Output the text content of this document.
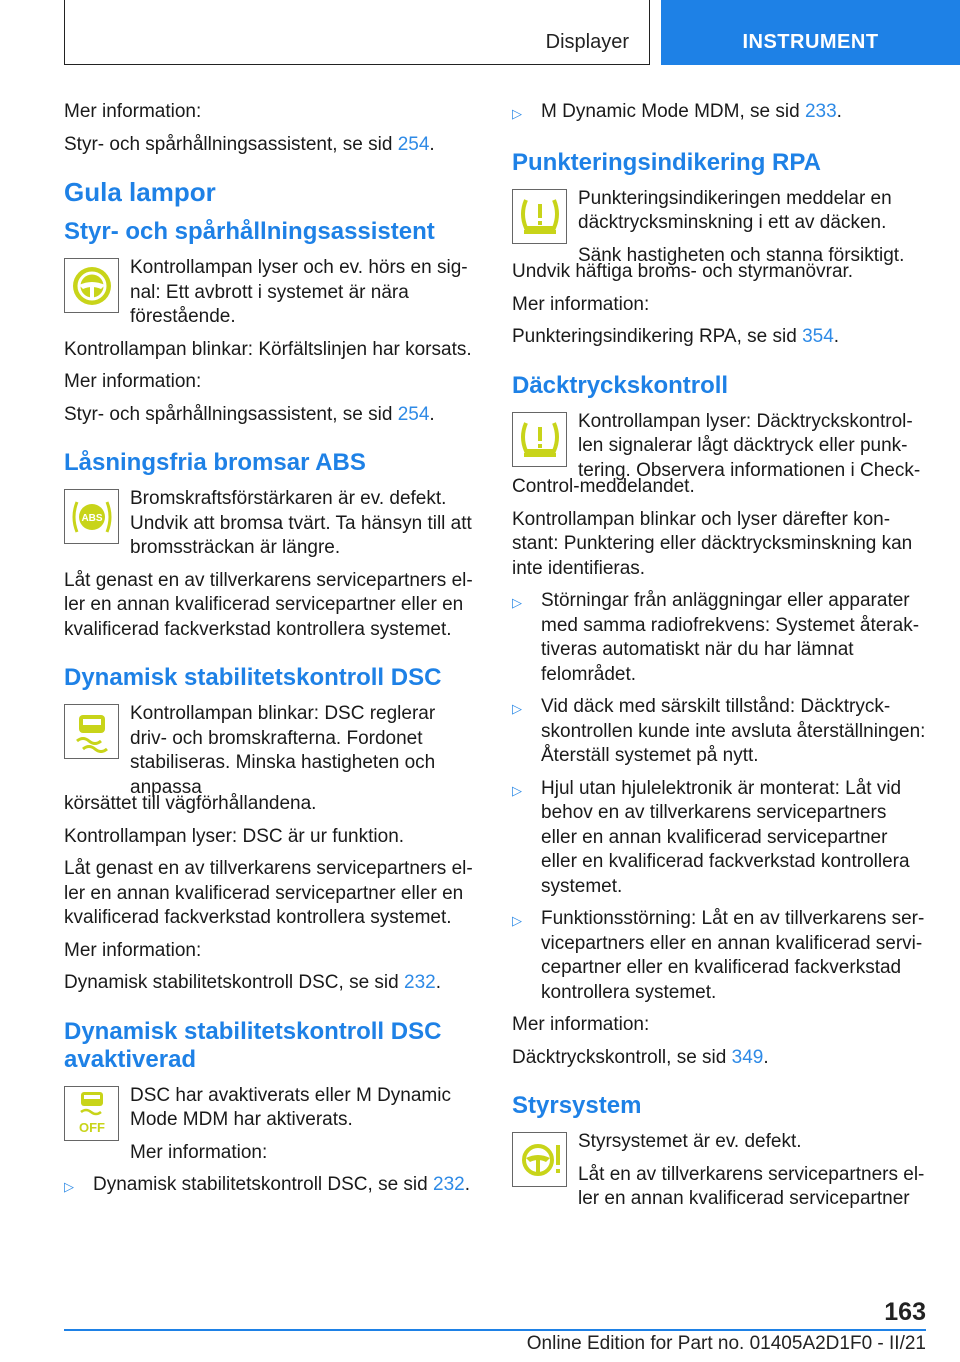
Displayer	INSTRUMENT

Mer information:

Styr- och spårhållningsassistent, se sid 254.

Gula lampor
Styr- och spårhållningsassistent

Kontrollampan lyser och ev. hörs en signal: Ett avbrott i systemet är nära förestående.

Kontrollampan blinkar: Körfältslinjen har korsats.

Mer information:

Styr- och spårhållningsassistent, se sid 254.

Låsningsfria bromsar ABS
ABS

Bromskraftsförstärkaren är ev. defekt. Undvik att bromsa tvärt. Ta hänsyn till att bromssträckan är längre.

Låt genast en av tillverkarens servicepartners eller en annan kvalificerad servicepartner eller en kvalificerad fackverkstad kontrollera systemet.

Dynamisk stabilitetskontroll DSC

Kontrollampan blinkar: DSC reglerar driv- och bromskrafterna. Fordonet stabiliseras. Minska hastigheten och anpassa

körsättet till vägförhållandena.

Kontrollampan lyser: DSC är ur funktion.

Låt genast en av tillverkarens servicepartners eller en annan kvalificerad servicepartner eller en kvalificerad fackverkstad kontrollera systemet.

Mer information:

Dynamisk stabilitetskontroll DSC, se sid 232.

Dynamisk stabilitetskontroll DSC avaktiverad
OFF

DSC har avaktiverats eller M Dynamic Mode MDM har aktiverats.

Mer information:

▷ Dynamisk stabilitetskontroll DSC, se sid 232.
▷ M Dynamic Mode MDM, se sid 233.
Punkteringsindikering RPA

Punkteringsindikeringen meddelar en däcktrycksminskning i ett av däcken.

Sänk hastigheten och stanna försiktigt.

Undvik häftiga broms- och styrmanövrar.

Mer information:

Punkteringsindikering RPA, se sid 354.

Däcktryckskontroll

Kontrollampan lyser: Däcktryckskontrollen signalerar lågt däcktryck eller punktering. Observera informationen i Check-

Control-meddelandet.

Kontrollampan blinkar och lyser därefter konstant: Punktering eller däcktrycksminskning kan inte identifieras.

▷ Störningar från anläggningar eller apparater med samma radiofrekvens: Systemet återaktiveras automatiskt när du har lämnat felområdet.
▷ Vid däck med särskilt tillstånd: Däcktryckskontrollen kunde inte avsluta återställningen: Återställ systemet på nytt.
▷ Hjul utan hjulelektronik är monterat: Låt vid behov en av tillverkarens servicepartners eller en annan kvalificerad servicepartner eller en kvalificerad fackverkstad kontrollera systemet.
▷ Funktionsstörning: Låt en av tillverkarens servicepartners eller en annan kvalificerad servicepartner eller en kvalificerad fackverkstad kontrollera systemet.

Mer information:

Däcktryckskontroll, se sid 349.

Styrsystem

Styrsystemet är ev. defekt.

Låt en av tillverkarens servicepartners eller en annan kvalificerad servicepartner

163
Online Edition for Part no. 01405A2D1F0 - II/21
